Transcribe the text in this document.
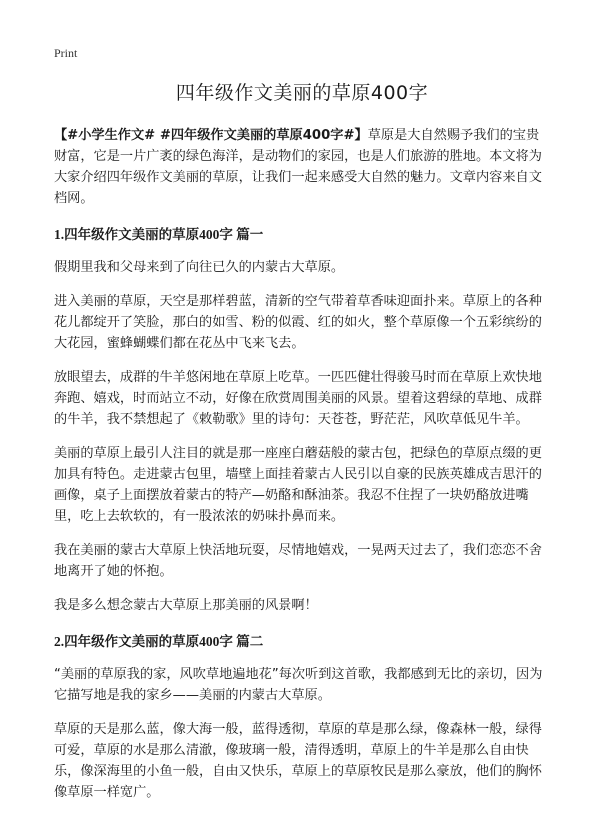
Print
四年级作文美丽的草原400字

【#小学生作文# #四年级作文美丽的草原400字#】草原是大自然赐予我们的宝贵财富，它是一片广袤的绿色海洋，是动物们的家园，也是人们旅游的胜地。本文将为大家介绍四年级作文美丽的草原，让我们一起来感受大自然的魅力。文章内容来自文档网。

1.四年级作文美丽的草原400字 篇一

假期里我和父母来到了向往已久的内蒙古大草原。

进入美丽的草原，天空是那样碧蓝，清新的空气带着草香味迎面扑来。草原上的各种花儿都绽开了笑脸，那白的如雪、粉的似霞、红的如火，整个草原像一个五彩缤纷的大花园，蜜蜂蝴蝶们都在花丛中飞来飞去。

放眼望去，成群的牛羊悠闲地在草原上吃草。一匹匹健壮得骏马时而在草原上欢快地奔跑、嬉戏，时而站立不动，好像在欣赏周围美丽的风景。望着这碧绿的草地、成群的牛羊，我不禁想起了《敕勒歌》里的诗句：天苍苍，野茫茫，风吹草低见牛羊。

美丽的草原上最引人注目的就是那一座座白蘑菇般的蒙古包，把绿色的草原点缀的更加具有特色。走进蒙古包里，墙壁上面挂着蒙古人民引以自豪的民族英雄成吉思汗的画像，桌子上面摆放着蒙古的特产—奶酪和酥油茶。我忍不住捏了一块奶酪放进嘴里，吃上去软软的，有一股浓浓的奶味扑鼻而来。

我在美丽的蒙古大草原上快活地玩耍，尽情地嬉戏，一晃两天过去了，我们恋恋不舍地离开了她的怀抱。

我是多么想念蒙古大草原上那美丽的风景啊！

2.四年级作文美丽的草原400字 篇二

“美丽的草原我的家，风吹草地遍地花”每次听到这首歌，我都感到无比的亲切，因为它描写地是我的家乡——美丽的内蒙古大草原。

草原的天是那么蓝，像大海一般，蓝得透彻，草原的草是那么绿，像森林一般，绿得可爱，草原的水是那么清澈，像玻璃一般，清得透明，草原上的牛羊是那么自由快乐，像深海里的小鱼一般，自由又快乐，草原上的草原牧民是那么豪放，他们的胸怀像草原一样宽广。
